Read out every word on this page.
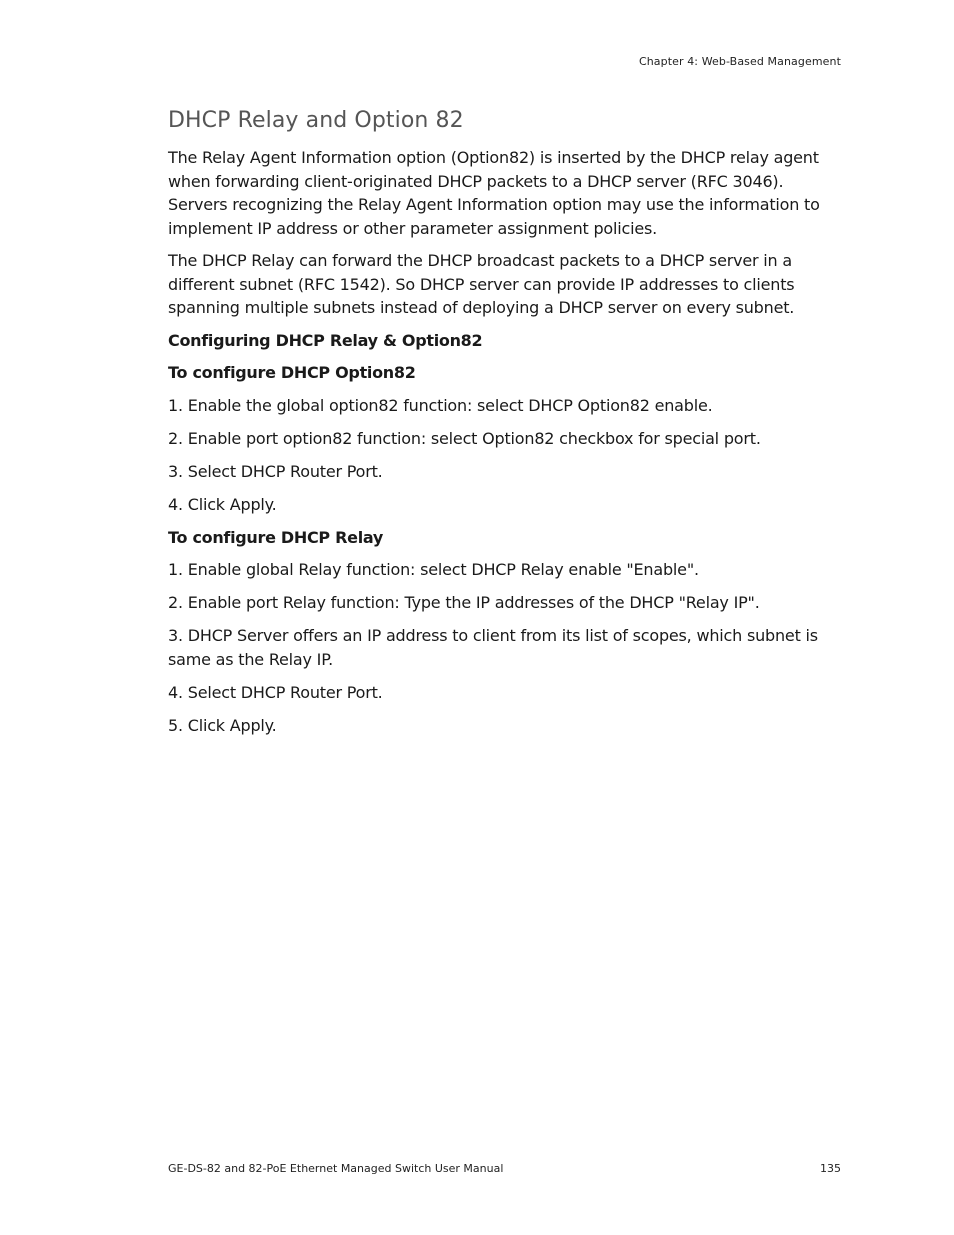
Chapter 4: Web-Based Management
DHCP Relay and Option 82

The Relay Agent Information option (Option82) is inserted by the DHCP relay agent when forwarding client-originated DHCP packets to a DHCP server (RFC 3046). Servers recognizing the Relay Agent Information option may use the information to implement IP address or other parameter assignment policies.

The DHCP Relay can forward the DHCP broadcast packets to a DHCP server in a different subnet (RFC 1542). So DHCP server can provide IP addresses to clients spanning multiple subnets instead of deploying a DHCP server on every subnet.

Configuring DHCP Relay & Option82
To configure DHCP Option82
1. Enable the global option82 function: select DHCP Option82 enable.
2. Enable port option82 function: select Option82 checkbox for special port.
3. Select DHCP Router Port.
4. Click Apply.
To configure DHCP Relay
1. Enable global Relay function: select DHCP Relay enable "Enable".
2. Enable port Relay function: Type the IP addresses of the DHCP "Relay IP".
3. DHCP Server offers an IP address to client from its list of scopes, which subnet is same as the Relay IP.
4. Select DHCP Router Port.
5. Click Apply.
GE-DS-82 and 82-PoE Ethernet Managed Switch User Manual	135
